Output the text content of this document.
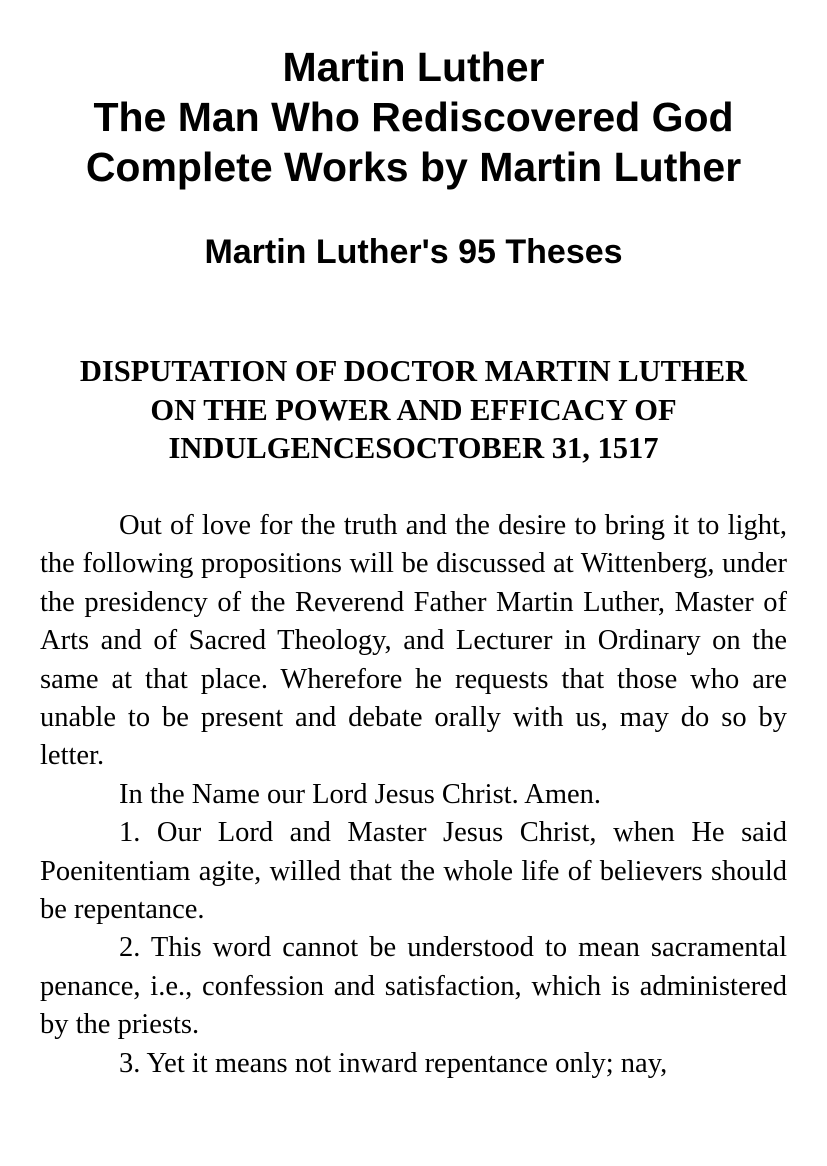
Martin Luther
The Man Who Rediscovered God
Complete Works by Martin Luther
Martin Luther's 95 Theses
DISPUTATION OF DOCTOR MARTIN LUTHER
ON THE POWER AND EFFICACY OF
INDULGENCESOCTOBER 31, 1517

Out of love for the truth and the desire to bring it to light, the following propositions will be discussed at Wittenberg, under the presidency of the Reverend Father Martin Luther, Master of Arts and of Sacred Theology, and Lecturer in Ordinary on the same at that place. Wherefore he requests that those who are unable to be present and debate orally with us, may do so by letter.

In the Name our Lord Jesus Christ. Amen.

1. Our Lord and Master Jesus Christ, when He said Poenitentiam agite, willed that the whole life of believers should be repentance.

2. This word cannot be understood to mean sacramental penance, i.e., confession and satisfaction, which is administered by the priests.

3. Yet it means not inward repentance only; nay,
